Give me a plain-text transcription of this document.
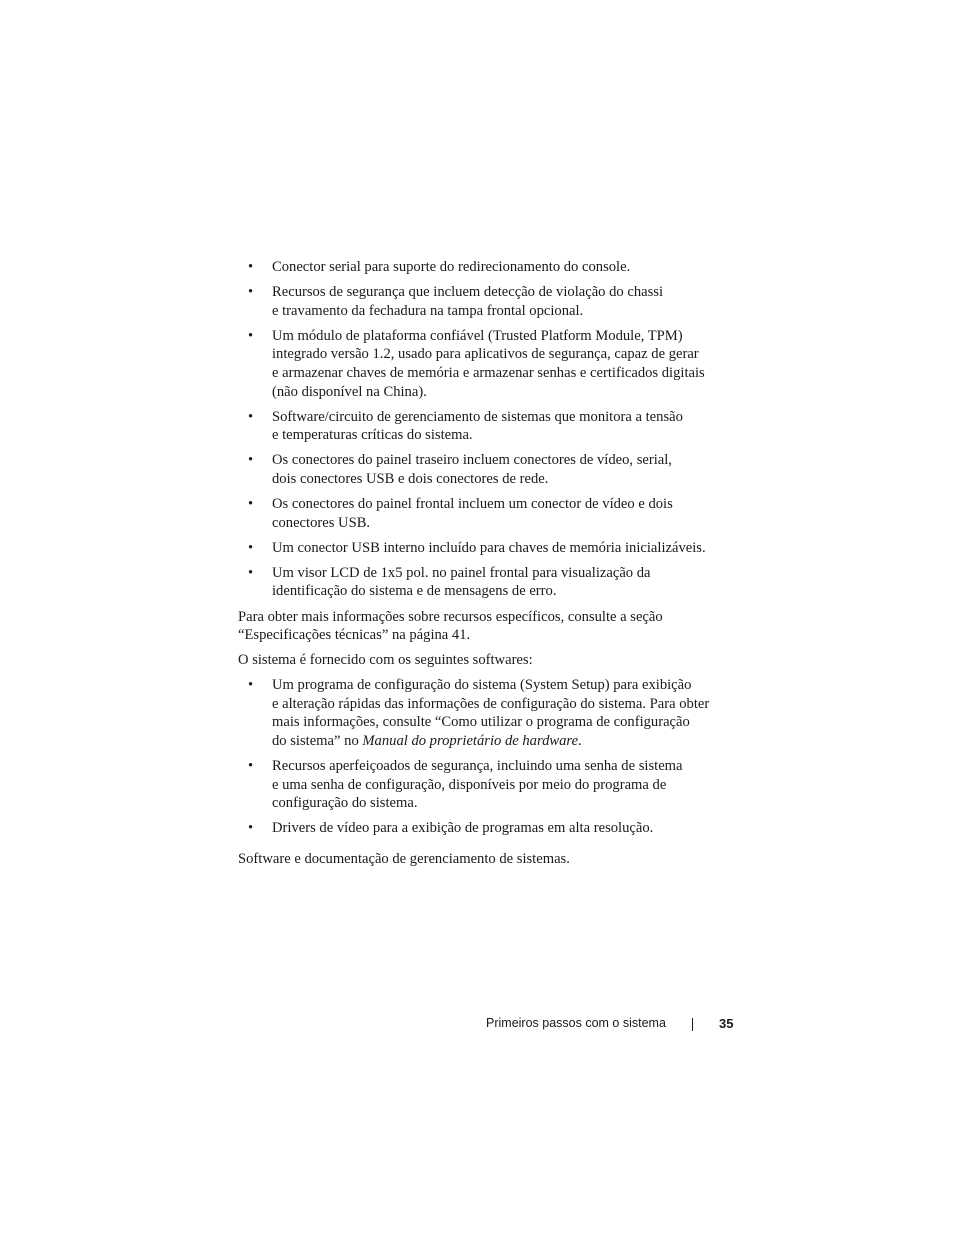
• Conector serial para suporte do redirecionamento do console.
• Recursos de segurança que incluem detecção de violação do chassi
e travamento da fechadura na tampa frontal opcional.
• Um módulo de plataforma confiável (Trusted Platform Module, TPM)
integrado versão 1.2, usado para aplicativos de segurança, capaz de gerar
e armazenar chaves de memória e armazenar senhas e certificados digitais
(não disponível na China).
• Software/circuito de gerenciamento de sistemas que monitora a tensão
e temperaturas críticas do sistema.
• Os conectores do painel traseiro incluem conectores de vídeo, serial,
dois conectores USB e dois conectores de rede.
• Os conectores do painel frontal incluem um conector de vídeo e dois
conectores USB.
• Um conector USB interno incluído para chaves de memória inicializáveis.
• Um visor LCD de 1x5 pol. no painel frontal para visualização da
identificação do sistema e de mensagens de erro.

Para obter mais informações sobre recursos específicos, consulte a seção
“Especificações técnicas” na página 41.

O sistema é fornecido com os seguintes softwares:

• Um programa de configuração do sistema (System Setup) para exibição
e alteração rápidas das informações de configuração do sistema. Para obter
mais informações, consulte “Como utilizar o programa de configuração
do sistema” no Manual do proprietário de hardware.
• Recursos aperfeiçoados de segurança, incluindo uma senha de sistema
e uma senha de configuração, disponíveis por meio do programa de
configuração do sistema.
• Drivers de vídeo para a exibição de programas em alta resolução.

Software e documentação de gerenciamento de sistemas.

Primeiros passos com o sistema	35
